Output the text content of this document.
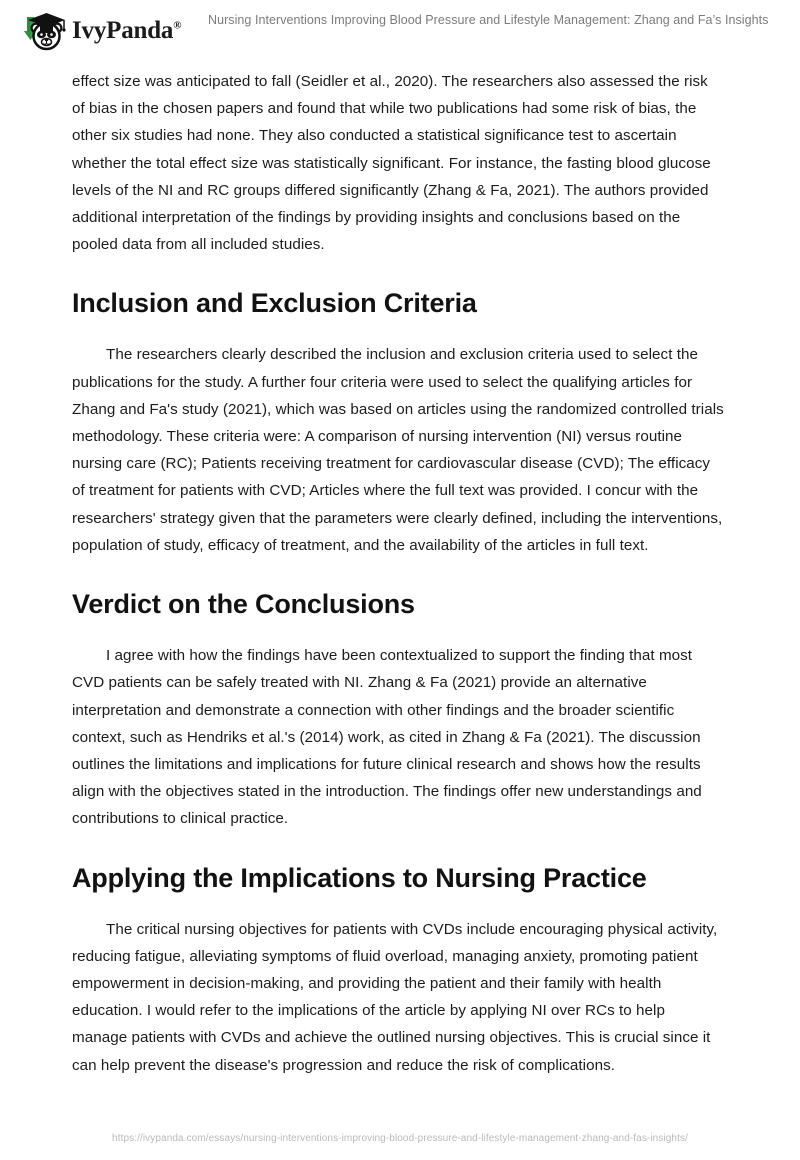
IvyPanda® Nursing Interventions Improving Blood Pressure and Lifestyle Management: Zhang and Fa’s Insights

effect size was anticipated to fall (Seidler et al., 2020). The researchers also assessed the risk of bias in the chosen papers and found that while two publications had some risk of bias, the other six studies had none. They also conducted a statistical significance test to ascertain whether the total effect size was statistically significant. For instance, the fasting blood glucose levels of the NI and RC groups differed significantly (Zhang & Fa, 2021). The authors provided additional interpretation of the findings by providing insights and conclusions based on the pooled data from all included studies.

Inclusion and Exclusion Criteria

The researchers clearly described the inclusion and exclusion criteria used to select the publications for the study. A further four criteria were used to select the qualifying articles for Zhang and Fa's study (2021), which was based on articles using the randomized controlled trials methodology. These criteria were: A comparison of nursing intervention (NI) versus routine nursing care (RC); Patients receiving treatment for cardiovascular disease (CVD); The efficacy of treatment for patients with CVD; Articles where the full text was provided. I concur with the researchers' strategy given that the parameters were clearly defined, including the interventions, population of study, efficacy of treatment, and the availability of the articles in full text.

Verdict on the Conclusions

I agree with how the findings have been contextualized to support the finding that most CVD patients can be safely treated with NI. Zhang & Fa (2021) provide an alternative interpretation and demonstrate a connection with other findings and the broader scientific context, such as Hendriks et al.'s (2014) work, as cited in Zhang & Fa (2021). The discussion outlines the limitations and implications for future clinical research and shows how the results align with the objectives stated in the introduction. The findings offer new understandings and contributions to clinical practice.

Applying the Implications to Nursing Practice

The critical nursing objectives for patients with CVDs include encouraging physical activity, reducing fatigue, alleviating symptoms of fluid overload, managing anxiety, promoting patient empowerment in decision-making, and providing the patient and their family with health education. I would refer to the implications of the article by applying NI over RCs to help manage patients with CVDs and achieve the outlined nursing objectives. This is crucial since it can help prevent the disease's progression and reduce the risk of complications.

https://ivypanda.com/essays/nursing-interventions-improving-blood-pressure-and-lifestyle-management-zhang-and-fas-insights/
